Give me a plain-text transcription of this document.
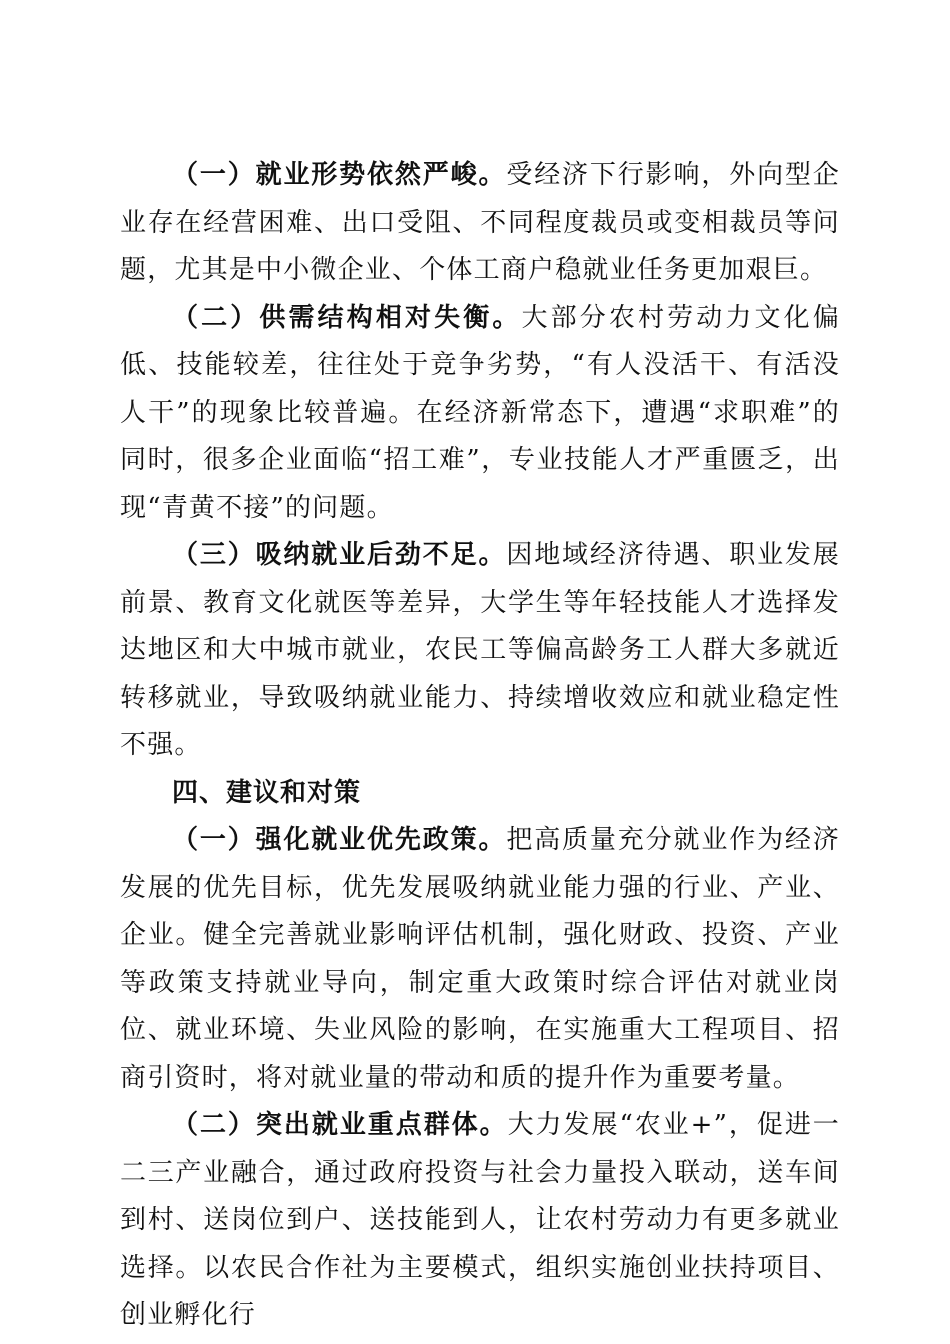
（一）就业形势依然严峻。受经济下行影响，外向型企业存在经营困难、出口受阻、不同程度裁员或变相裁员等问题，尤其是中小微企业、个体工商户稳就业任务更加艰巨。

（二）供需结构相对失衡。大部分农村劳动力文化偏低、技能较差，往往处于竞争劣势，“有人没活干、有活没人干”的现象比较普遍。在经济新常态下，遭遇“求职难”的同时，很多企业面临“招工难”，专业技能人才严重匮乏，出现“青黄不接”的问题。

（三）吸纳就业后劲不足。因地域经济待遇、职业发展前景、教育文化就医等差异，大学生等年轻技能人才选择发达地区和大中城市就业，农民工等偏高龄务工人群大多就近转移就业，导致吸纳就业能力、持续增收效应和就业稳定性不强。

四、建议和对策

（一）强化就业优先政策。把高质量充分就业作为经济发展的优先目标，优先发展吸纳就业能力强的行业、产业、企业。健全完善就业影响评估机制，强化财政、投资、产业等政策支持就业导向，制定重大政策时综合评估对就业岗位、就业环境、失业风险的影响，在实施重大工程项目、招商引资时，将对就业量的带动和质的提升作为重要考量。

（二）突出就业重点群体。大力发展“农业+”，促进一二三产业融合，通过政府投资与社会力量投入联动，送车间到村、送岗位到户、送技能到人，让农村劳动力有更多就业选择。以农民合作社为主要模式，组织实施创业扶持项目、创业孵化行
